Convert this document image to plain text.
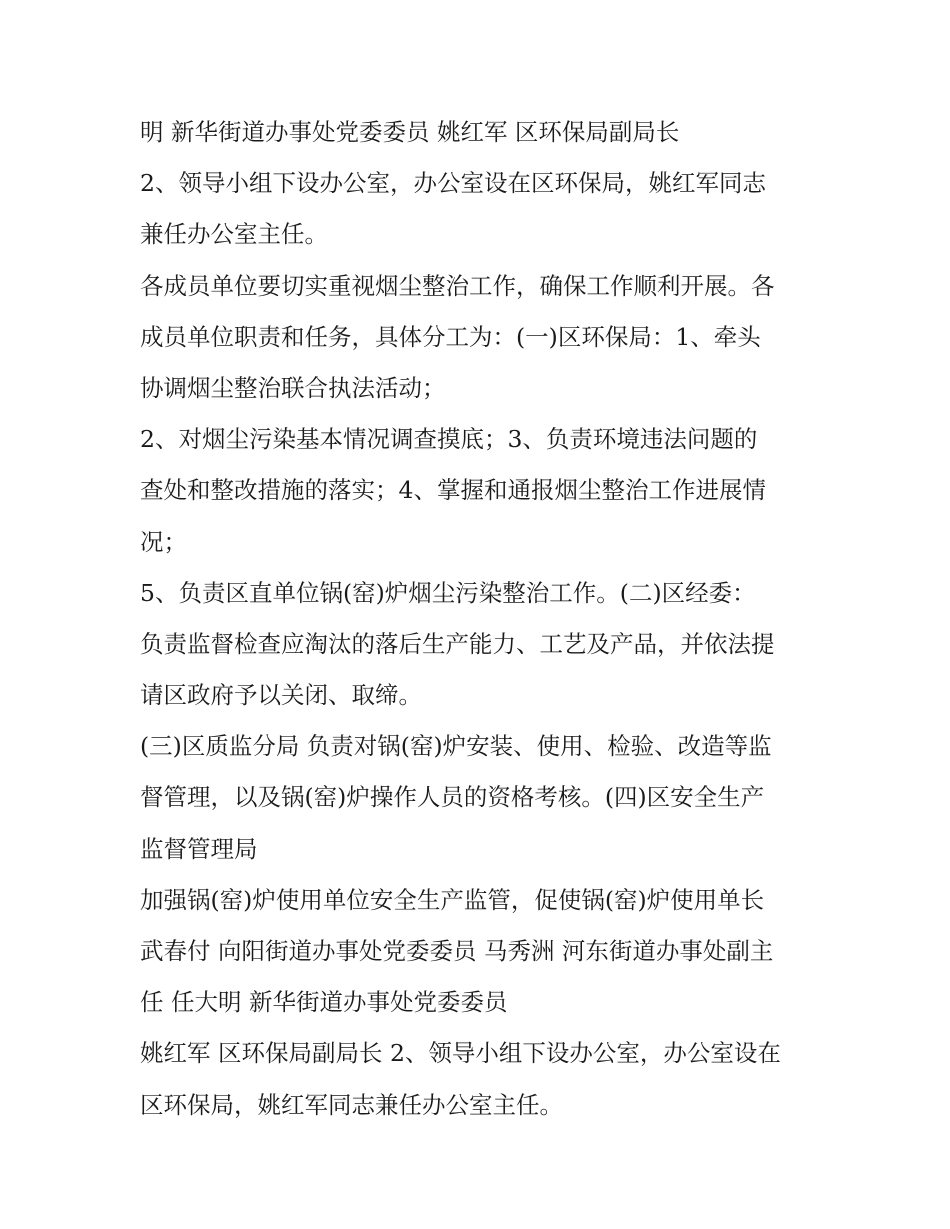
明 新华街道办事处党委委员 姚红军 区环保局副局长
2、领导小组下设办公室，办公室设在区环保局，姚红军同志
兼任办公室主任。
各成员单位要切实重视烟尘整治工作，确保工作顺利开展。各
成员单位职责和任务，具体分工为：(一)区环保局：1、牵头
协调烟尘整治联合执法活动；
2、对烟尘污染基本情况调查摸底；3、负责环境违法问题的
查处和整改措施的落实；4、掌握和通报烟尘整治工作进展情
况；
5、负责区直单位锅(窑)炉烟尘污染整治工作。(二)区经委：
负责监督检查应淘汰的落后生产能力、工艺及产品，并依法提
请区政府予以关闭、取缔。
(三)区质监分局 负责对锅(窑)炉安装、使用、检验、改造等监
督管理，以及锅(窑)炉操作人员的资格考核。(四)区安全生产
监督管理局
加强锅(窑)炉使用单位安全生产监管，促使锅(窑)炉使用单长
武春付 向阳街道办事处党委委员 马秀洲 河东街道办事处副主
任 任大明 新华街道办事处党委委员
姚红军 区环保局副局长 2、领导小组下设办公室，办公室设在
区环保局，姚红军同志兼任办公室主任。
